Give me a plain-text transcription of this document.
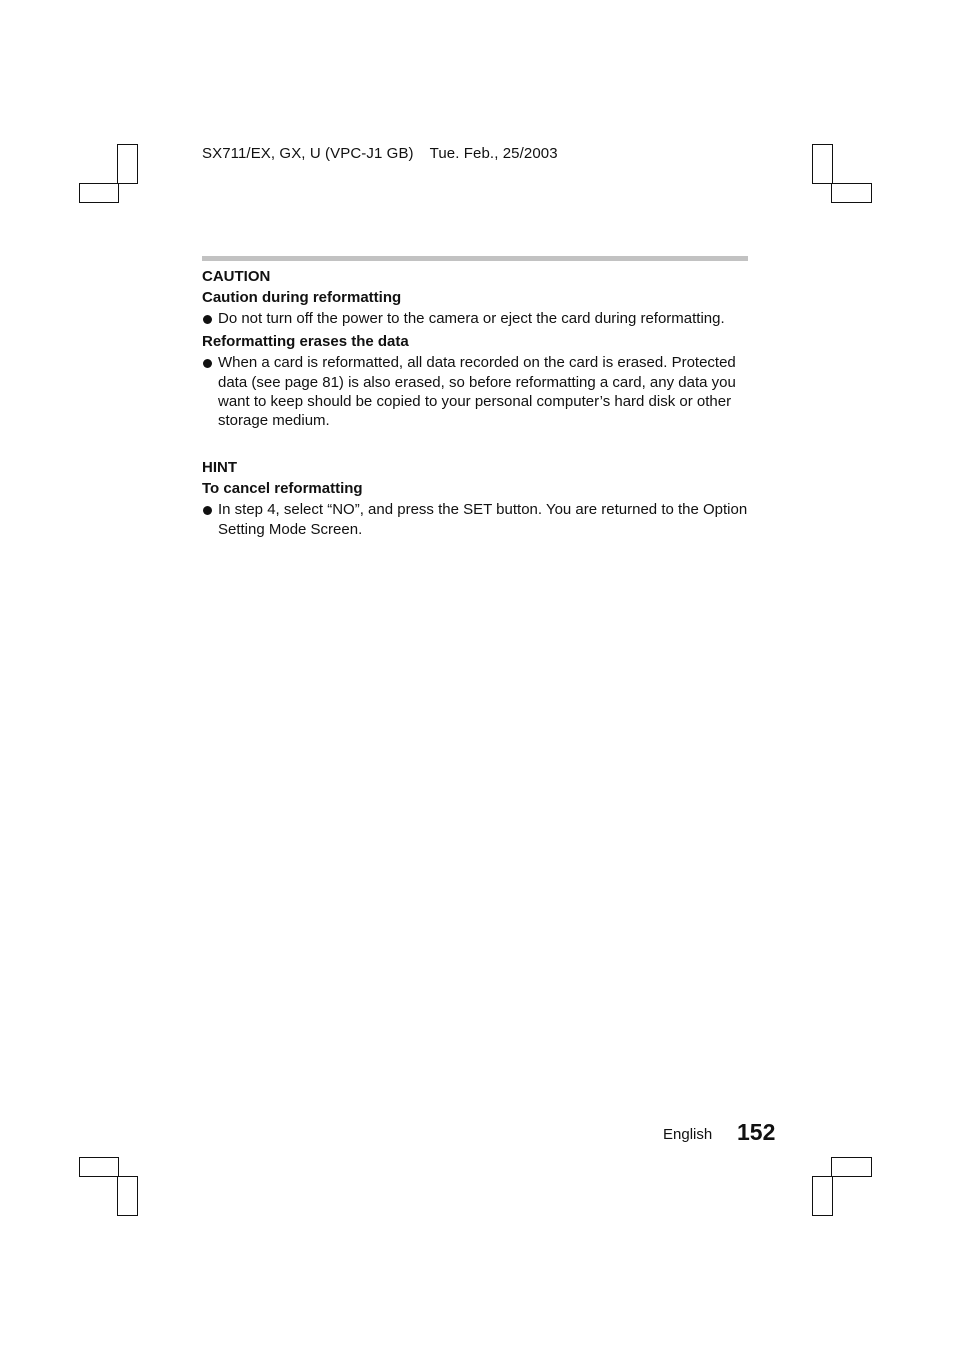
SX711/EX, GX, U (VPC-J1 GB) Tue. Feb., 25/2003

CAUTION

Caution during reformatting

Do not turn off the power to the camera or eject the card during reformatting.

Reformatting erases the data

When a card is reformatted, all data recorded on the card is erased. Protected data (see page 81) is also erased, so before reformatting a card, any data you want to keep should be copied to your personal computer’s hard disk or other storage medium.

HINT

To cancel reformatting

In step 4, select “NO”, and press the SET button. You are returned to the Option Setting Mode Screen.
English 152
